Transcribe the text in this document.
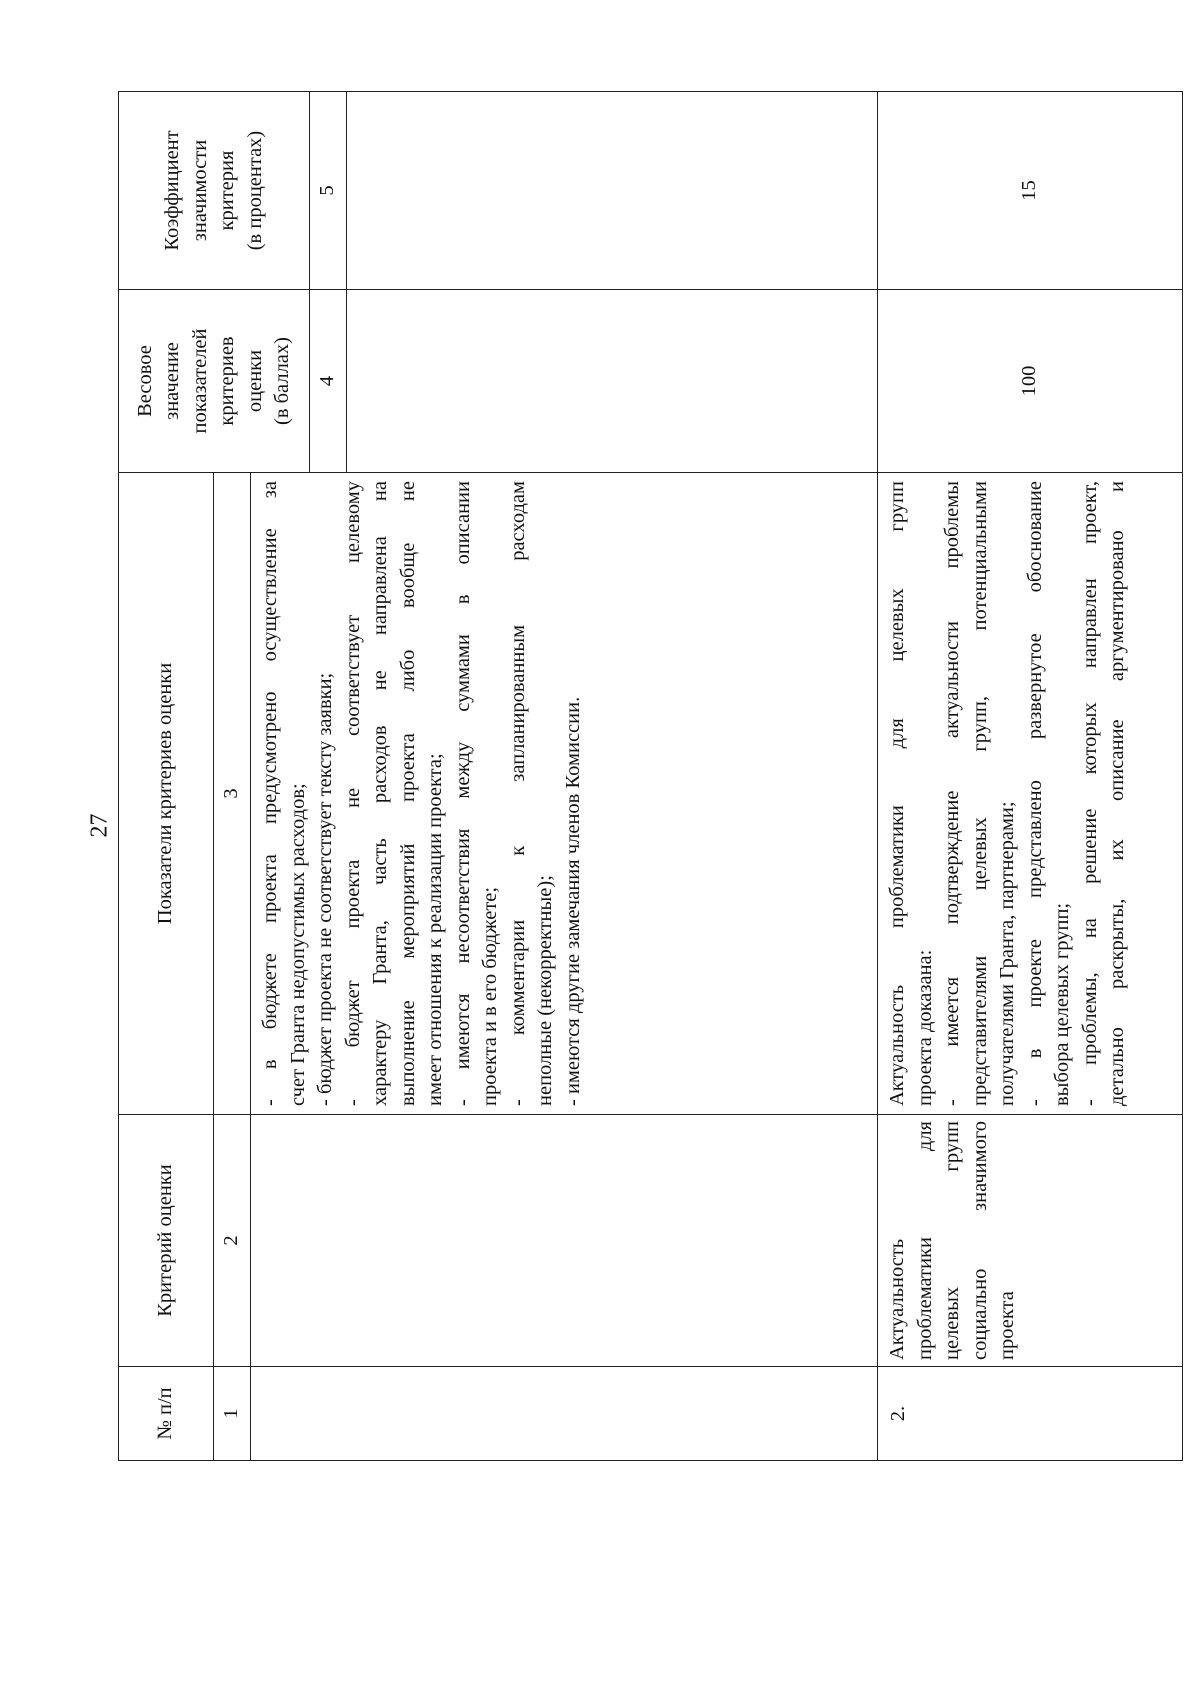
27
№ п/п
Критерий оценки
Показатели критериев оценки
Весовое значение показателей критериев оценки (в баллах)
Коэффициент значимости критерия (в процентах)
1
2
3
4
5
- в бюджете проекта предусмотрено осуществление за счет Гранта недопустимых расходов; - бюджет проекта не соответствует тексту заявки; - бюджет проекта не соответствует целевому характеру Гранта, часть расходов не направлена на выполнение мероприятий проекта либо вообще не имеет отношения к реализации проекта; - имеются несоответствия между суммами в описании проекта и в его бюджете; - комментарии к запланированным расходам неполные (некорректные); - имеются другие замечания членов Комиссии.
2.
Актуальность проблематики для целевых групп социально значимого проекта
Актуальность проблематики для целевых групп проекта доказана: - имеется подтверждение актуальности проблемы представителями целевых групп, потенциальными получателями Гранта, партнерами; - в проекте представлено развернутое обоснование выбора целевых групп; - проблемы, на решение которых направлен проект, детально раскрыты, их описание аргументировано и
100
15
